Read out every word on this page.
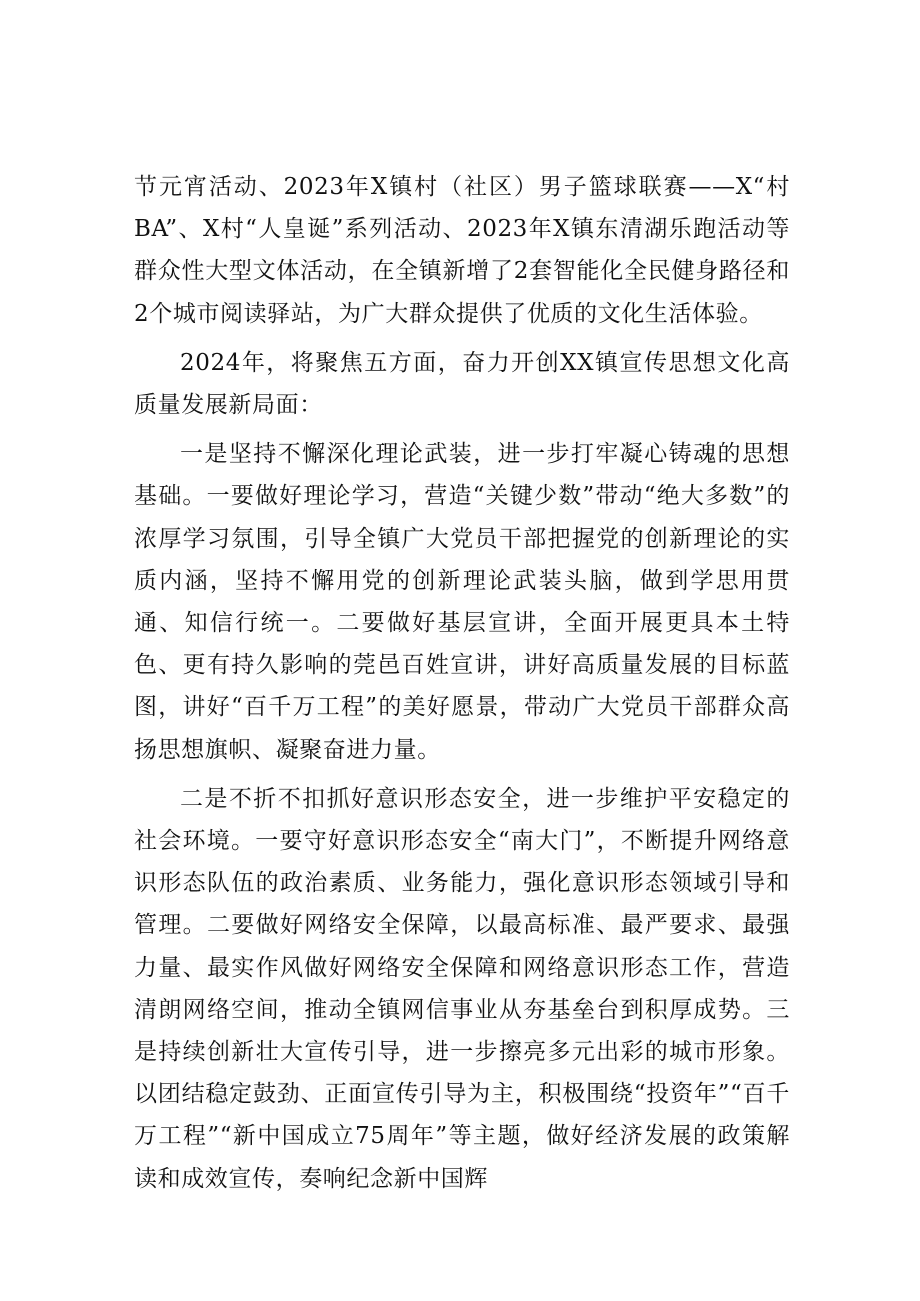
节元宵活动、2023年X镇村（社区）男子篮球联赛——X“村BA”、X村“人皇诞”系列活动、2023年X镇东清湖乐跑活动等群众性大型文体活动，在全镇新增了2套智能化全民健身路径和2个城市阅读驿站，为广大群众提供了优质的文化生活体验。

2024年，将聚焦五方面，奋力开创XX镇宣传思想文化高质量发展新局面：

一是坚持不懈深化理论武装，进一步打牢凝心铸魂的思想基础。一要做好理论学习，营造“关键少数”带动“绝大多数”的浓厚学习氛围，引导全镇广大党员干部把握党的创新理论的实质内涵，坚持不懈用党的创新理论武装头脑，做到学思用贯通、知信行统一。二要做好基层宣讲，全面开展更具本土特色、更有持久影响的莞邑百姓宣讲，讲好高质量发展的目标蓝图，讲好“百千万工程”的美好愿景，带动广大党员干部群众高扬思想旗帜、凝聚奋进力量。

二是不折不扣抓好意识形态安全，进一步维护平安稳定的社会环境。一要守好意识形态安全“南大门”，不断提升网络意识形态队伍的政治素质、业务能力，强化意识形态领域引导和管理。二要做好网络安全保障，以最高标准、最严要求、最强力量、最实作风做好网络安全保障和网络意识形态工作，营造清朗网络空间，推动全镇网信事业从夯基垒台到积厚成势。三是持续创新壮大宣传引导，进一步擦亮多元出彩的城市形象。以团结稳定鼓劲、正面宣传引导为主，积极围绕“投资年”“百千万工程”“新中国成立75周年”等主题，做好经济发展的政策解读和成效宣传，奏响纪念新中国辉
